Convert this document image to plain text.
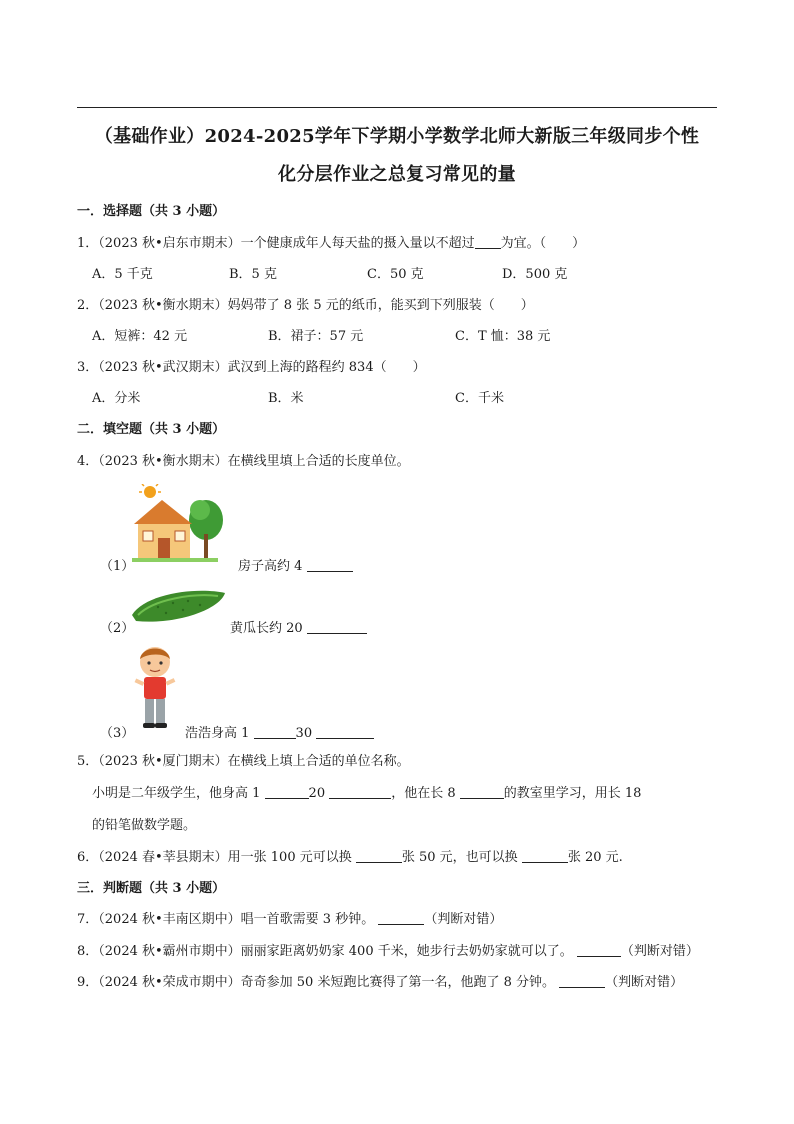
（基础作业）2024-2025学年下学期小学数学北师大新版三年级同步个性
化分层作业之总复习常见的量
一．选择题（共 3 小题）
1．（2023 秋•启东市期末）一个健康成年人每天盐的摄入量以不超过 为宜。（　　）
A．5 千克	B．5 克	C．50 克	D．500 克
2．（2023 秋•衡水期末）妈妈带了 8 张 5 元的纸币，能买到下列服装（　　）
A．短裤：42 元	B．裙子：57 元	C．T 恤：38 元
3．（2023 秋•武汉期末）武汉到上海的路程约 834（　　）
A．分米	B．米	C．千米
二．填空题（共 3 小题）
4．（2023 秋•衡水期末）在横线里填上合适的长度单位。
（1）	房子高约 4
（2）	黄瓜长约 20
（3）	浩浩身高 1	30
5．（2023 秋•厦门期末）在横线上填上合适的单位名称。
小明是二年级学生，他身高 1	20	，他在长 8	的教室里学习，用长 18
的铅笔做数学题。
6．（2024 春•莘县期末）用一张 100 元可以换	张 50 元，也可以换	张 20 元.
三．判断题（共 3 小题）
7．（2024 秋•丰南区期中）唱一首歌需要 3 秒钟。	（判断对错）
8．（2024 秋•霸州市期中）丽丽家距离奶奶家 400 千米，她步行去奶奶家就可以了。	（判断对错）
9．（2024 秋•荣成市期中）奇奇参加 50 米短跑比赛得了第一名，他跑了 8 分钟。	（判断对错）
